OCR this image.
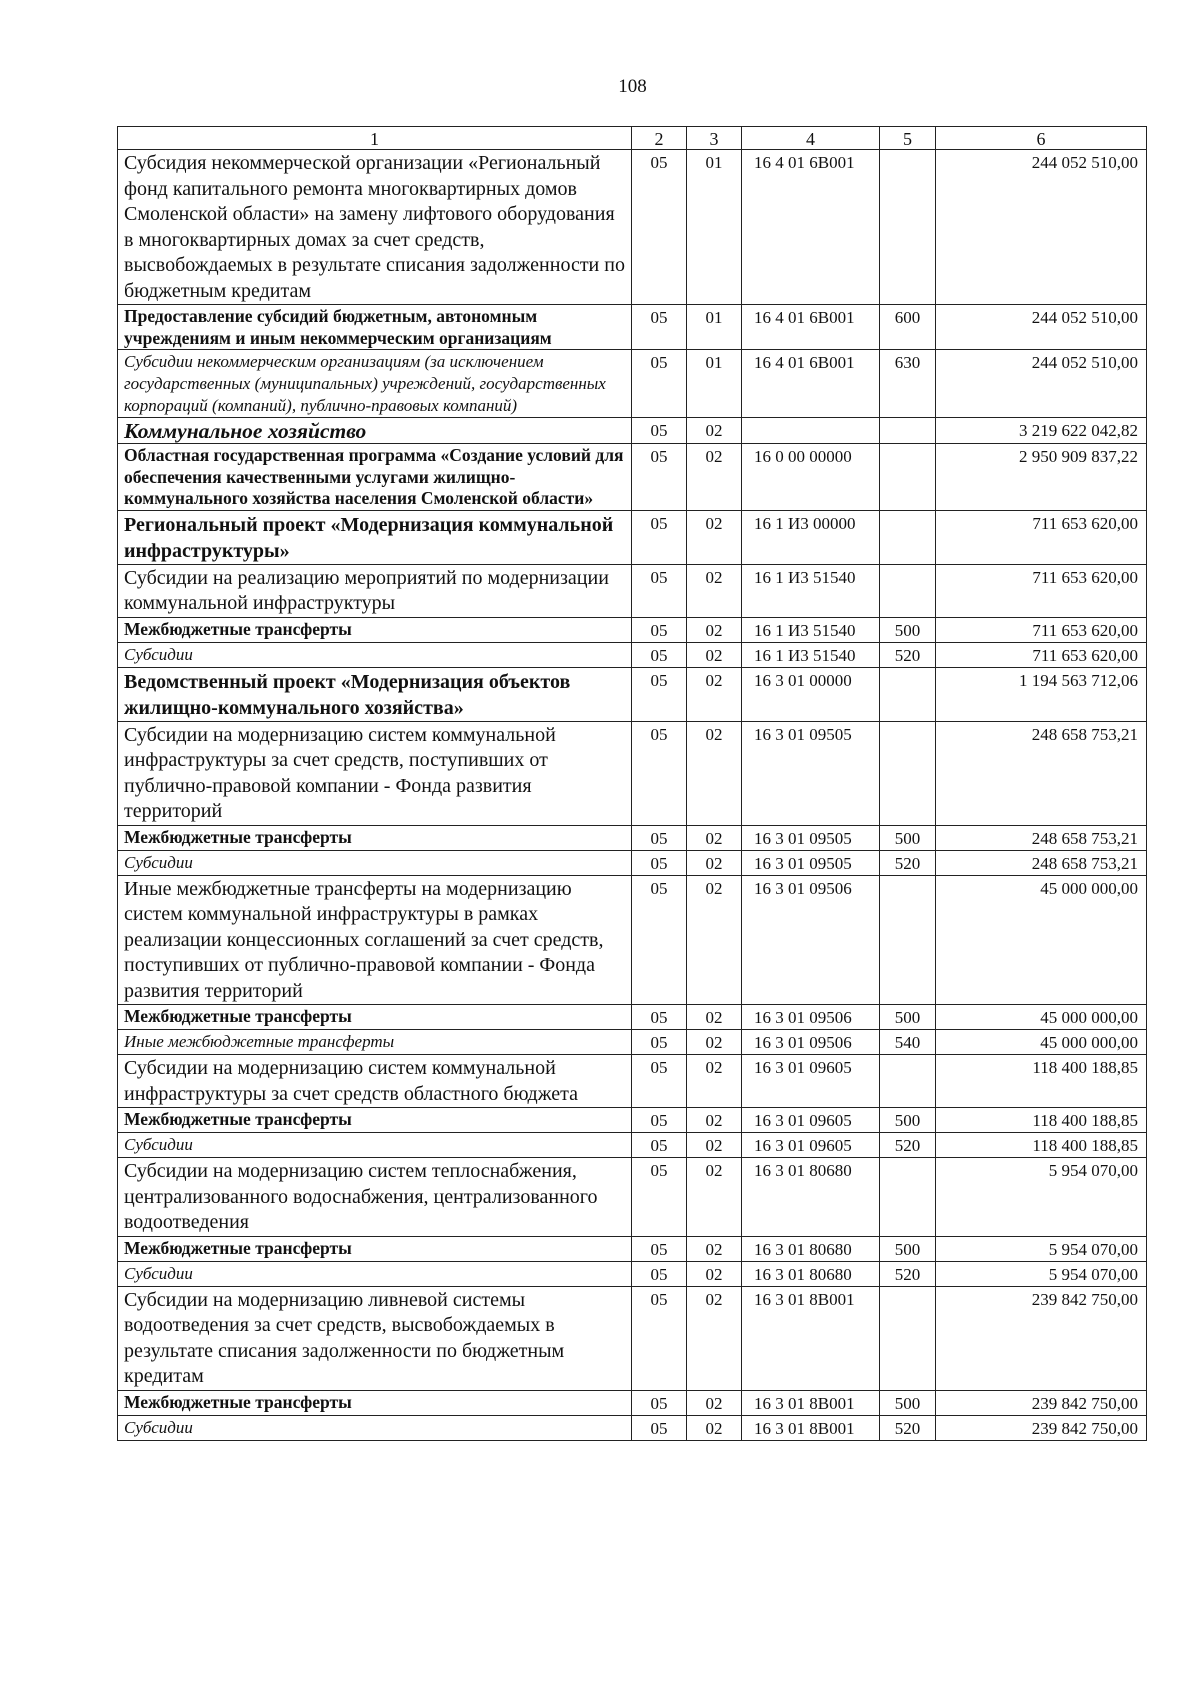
108
1	2	3	4	5	6
Субсидия некоммерческой организации «Региональный фонд капитального ремонта многоквартирных домов Смоленской области» на замену лифтового оборудования в многоквартирных домах за счет средств, высвобождаемых в результате списания задолженности по бюджетным кредитам	05	01	16 4 01 6В001		244 052 510,00
Предоставление субсидий бюджетным, автономным учреждениям и иным некоммерческим организациям	05	01	16 4 01 6В001	600	244 052 510,00
Субсидии некоммерческим организациям (за исключением государственных (муниципальных) учреждений, государственных корпораций (компаний), публично-правовых компаний)	05	01	16 4 01 6В001	630	244 052 510,00
Коммунальное хозяйство	05	02			3 219 622 042,82
Областная государственная программа «Создание условий для обеспечения качественными услугами жилищно-коммунального хозяйства населения Смоленской области»	05	02	16 0 00 00000		2 950 909 837,22
Региональный проект «Модернизация коммунальной инфраструктуры»	05	02	16 1 И3 00000		711 653 620,00
Субсидии на реализацию мероприятий по модернизации коммунальной инфраструктуры	05	02	16 1 И3 51540		711 653 620,00
Межбюджетные трансферты	05	02	16 1 И3 51540	500	711 653 620,00
Субсидии	05	02	16 1 И3 51540	520	711 653 620,00
Ведомственный проект «Модернизация объектов жилищно-коммунального хозяйства»	05	02	16 3 01 00000		1 194 563 712,06
Субсидии на модернизацию систем коммунальной инфраструктуры за счет средств, поступивших от публично-правовой компании - Фонда развития территорий	05	02	16 3 01 09505		248 658 753,21
Межбюджетные трансферты	05	02	16 3 01 09505	500	248 658 753,21
Субсидии	05	02	16 3 01 09505	520	248 658 753,21
Иные межбюджетные трансферты на модернизацию систем коммунальной инфраструктуры в рамках реализации концессионных соглашений за счет средств, поступивших от публично-правовой компании - Фонда развития территорий	05	02	16 3 01 09506		45 000 000,00
Межбюджетные трансферты	05	02	16 3 01 09506	500	45 000 000,00
Иные межбюджетные трансферты	05	02	16 3 01 09506	540	45 000 000,00
Субсидии на модернизацию систем коммунальной инфраструктуры за счет средств областного бюджета	05	02	16 3 01 09605		118 400 188,85
Межбюджетные трансферты	05	02	16 3 01 09605	500	118 400 188,85
Субсидии	05	02	16 3 01 09605	520	118 400 188,85
Субсидии на модернизацию систем теплоснабжения, централизованного водоснабжения, централизованного водоотведения	05	02	16 3 01 80680		5 954 070,00
Межбюджетные трансферты	05	02	16 3 01 80680	500	5 954 070,00
Субсидии	05	02	16 3 01 80680	520	5 954 070,00
Субсидии на модернизацию ливневой системы водоотведения за счет средств, высвобождаемых в результате списания задолженности по бюджетным кредитам	05	02	16 3 01 8В001		239 842 750,00
Межбюджетные трансферты	05	02	16 3 01 8В001	500	239 842 750,00
Субсидии	05	02	16 3 01 8В001	520	239 842 750,00
